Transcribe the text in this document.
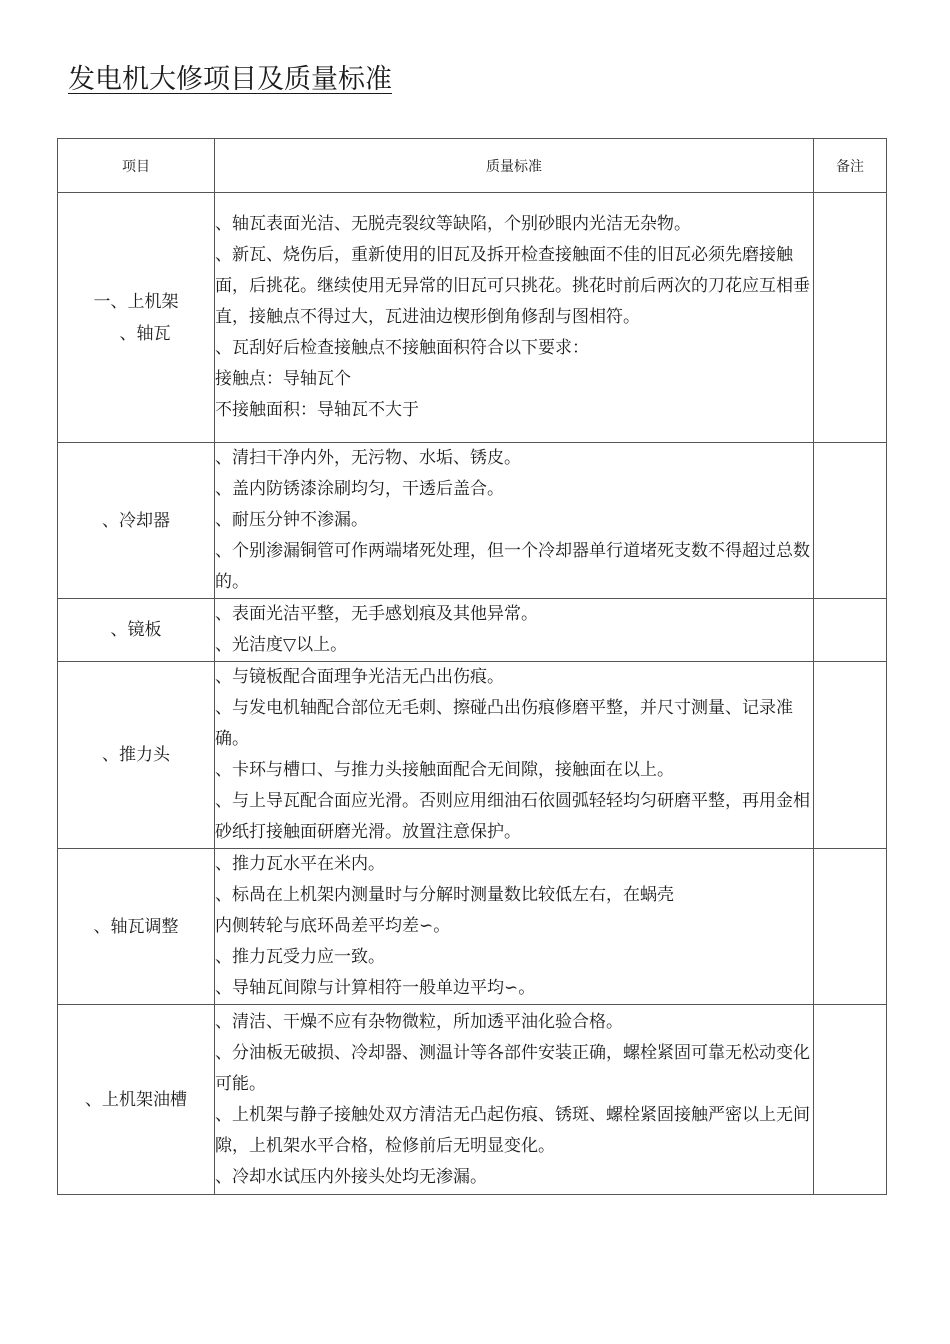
发电机大修项目及质量标准
项目	质量标准	备注

一、上机架
、轴瓦	、轴瓦表面光洁、无脱壳裂纹等缺陷，个别砂眼内光洁无杂物。
、新瓦、烧伤后，重新使用的旧瓦及拆开检查接触面不佳的旧瓦必须先磨接触面，后挑花。继续使用无异常的旧瓦可只挑花。挑花时前后两次的刀花应互相垂直，接触点不得过大，瓦进油边楔形倒角修刮与图相符。
、瓦刮好后检查接触点不接触面积符合以下要求：
接触点：导轴瓦个
不接触面积：导轴瓦不大于	

、冷却器	、清扫干净内外，无污物、水垢、锈皮。
、盖内防锈漆涂刷均匀，干透后盖合。
、耐压分钟不渗漏。
、个别渗漏铜管可作两端堵死处理，但一个冷却器单行道堵死支数不得超过总数的。	

、镜板	、表面光洁平整，无手感划痕及其他异常。
、光洁度▽以上。	

、推力头	、与镜板配合面理争光洁无凸出伤痕。
、与发电机轴配合部位无毛刺、擦碰凸出伤痕修磨平整，并尺寸测量、记录准确。
、卡环与槽口、与推力头接触面配合无间隙，接触面在以上。
、与上导瓦配合面应光滑。否则应用细油石依圆弧轻轻均匀研磨平整，再用金相砂纸打接触面研磨光滑。放置注意保护。	

、轴瓦调整	、推力瓦水平在米内。
、标咼在上机架内测量时与分解时测量数比较低左右，在蜗壳
内侧转轮与底环咼差平均差∽。
、推力瓦受力应一致。
、导轴瓦间隙与计算相符一般单边平均∽。	

、上机架油槽	、清洁、干燥不应有杂物微粒，所加透平油化验合格。
、分油板无破损、冷却器、测温计等各部件安装正确，螺栓紧固可靠无松动变化可能。
、上机架与静子接触处双方清洁无凸起伤痕、锈斑、螺栓紧固接触严密以上无间隙，上机架水平合格，检修前后无明显变化。
、冷却水试压内外接头处均无渗漏。	
